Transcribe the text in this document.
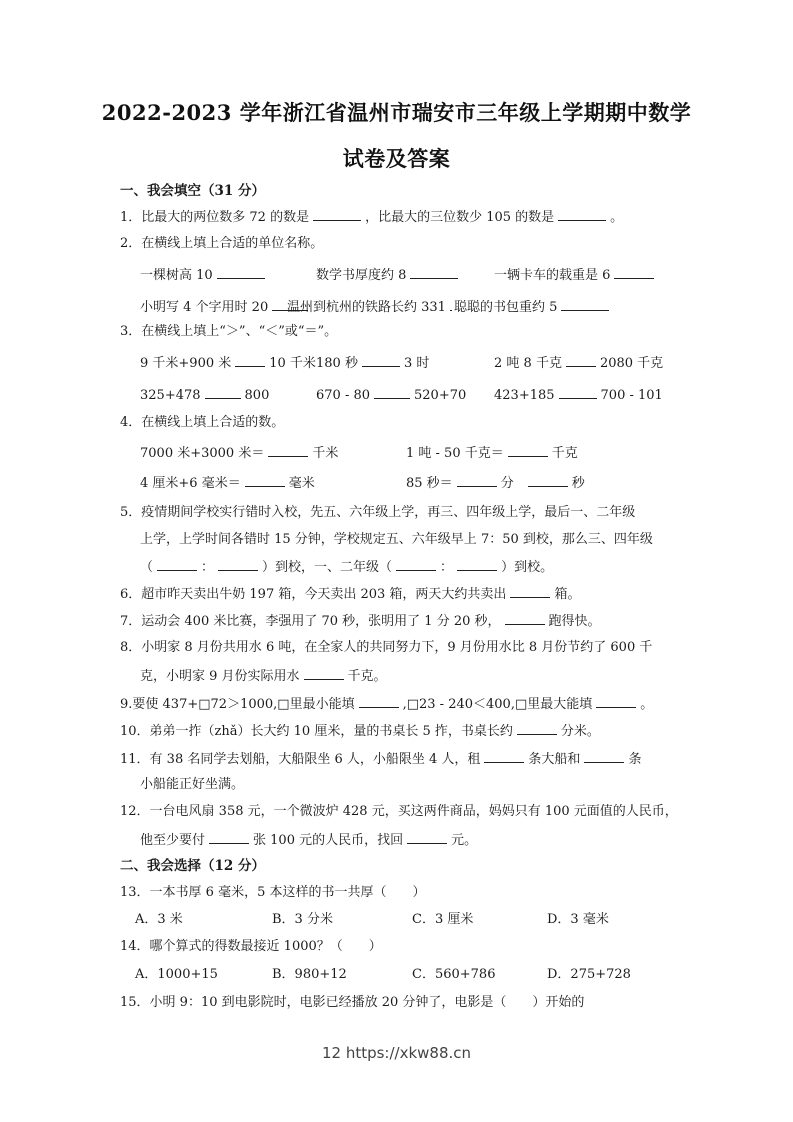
2022-2023 学年浙江省温州市瑞安市三年级上学期期中数学
试卷及答案
一、我会填空（31 分）
1．比最大的两位数多 72 的数是	，比最大的三位数少 105 的数是	。
2．在横线上填上合适的单位名称。
一棵树高 10	数学书厚度约 8	一辆卡车的载重是 6
小明写 4 个字用时 20	温州到杭州的铁路长约 331 聪聪的书包重约 5
3．在横线上填上“＞”、“＜”或“＝”。
9 千米+900 米	10 千米 180 秒	3 时	2 吨 8 千克	2080 千克
325+478	800	670 - 80	520+70 423+185	700 - 101
4．在横线上填上合适的数。
7000 米+3000 米＝	千米	1 吨 - 50 千克＝	千克
4 厘米+6 毫米＝	毫米	85 秒＝	分	秒
5．疫情期间学校实行错时入校，先五、六年级上学，再三、四年级上学，最后一、二年级
上学，上学时间各错时 15 分钟，学校规定五、六年级早上 7：50 到校，那么三、四年级
（	：	）到校，一、二年级（	：	）到校。
6．超市昨天卖出牛奶 197 箱，今天卖出 203 箱，两天大约共卖出	箱。
7．运动会 400 米比赛，李强用了 70 秒，张明用了 1 分 20 秒，	跑得快。
8．小明家 8 月份共用水 6 吨，在全家人的共同努力下，9 月份用水比 8 月份节约了 600 千
克，小明家 9 月份实际用水	千克。
9.要使 437+□72＞1000,□里最小能填	,□23 - 240＜400,□里最大能填	。
10．弟弟一拃（zhǎ）长大约 10 厘米，量的书桌长 5 拃，书桌长约	分米。
11．有 38 名同学去划船，大船限坐 6 人，小船限坐 4 人，租	条大船和	条
小船能正好坐满。
12．一台电风扇 358 元，一个微波炉 428 元，买这两件商品，妈妈只有 100 元面值的人民币，
他至少要付	张 100 元的人民币，找回	元。
二、我会选择（12 分）
13．一本书厚 6 毫米，5 本这样的书一共厚（　　）
A．3 米	B．3 分米	C．3 厘米	D．3 毫米
14．哪个算式的得数最接近 1000？（　　）
A．1000+15	B．980+12	C．560+786	D．275+728
15．小明 9：10 到电影院时，电影已经播放 20 分钟了，电影是（　　）开始的
12 https://xkw88.cn
